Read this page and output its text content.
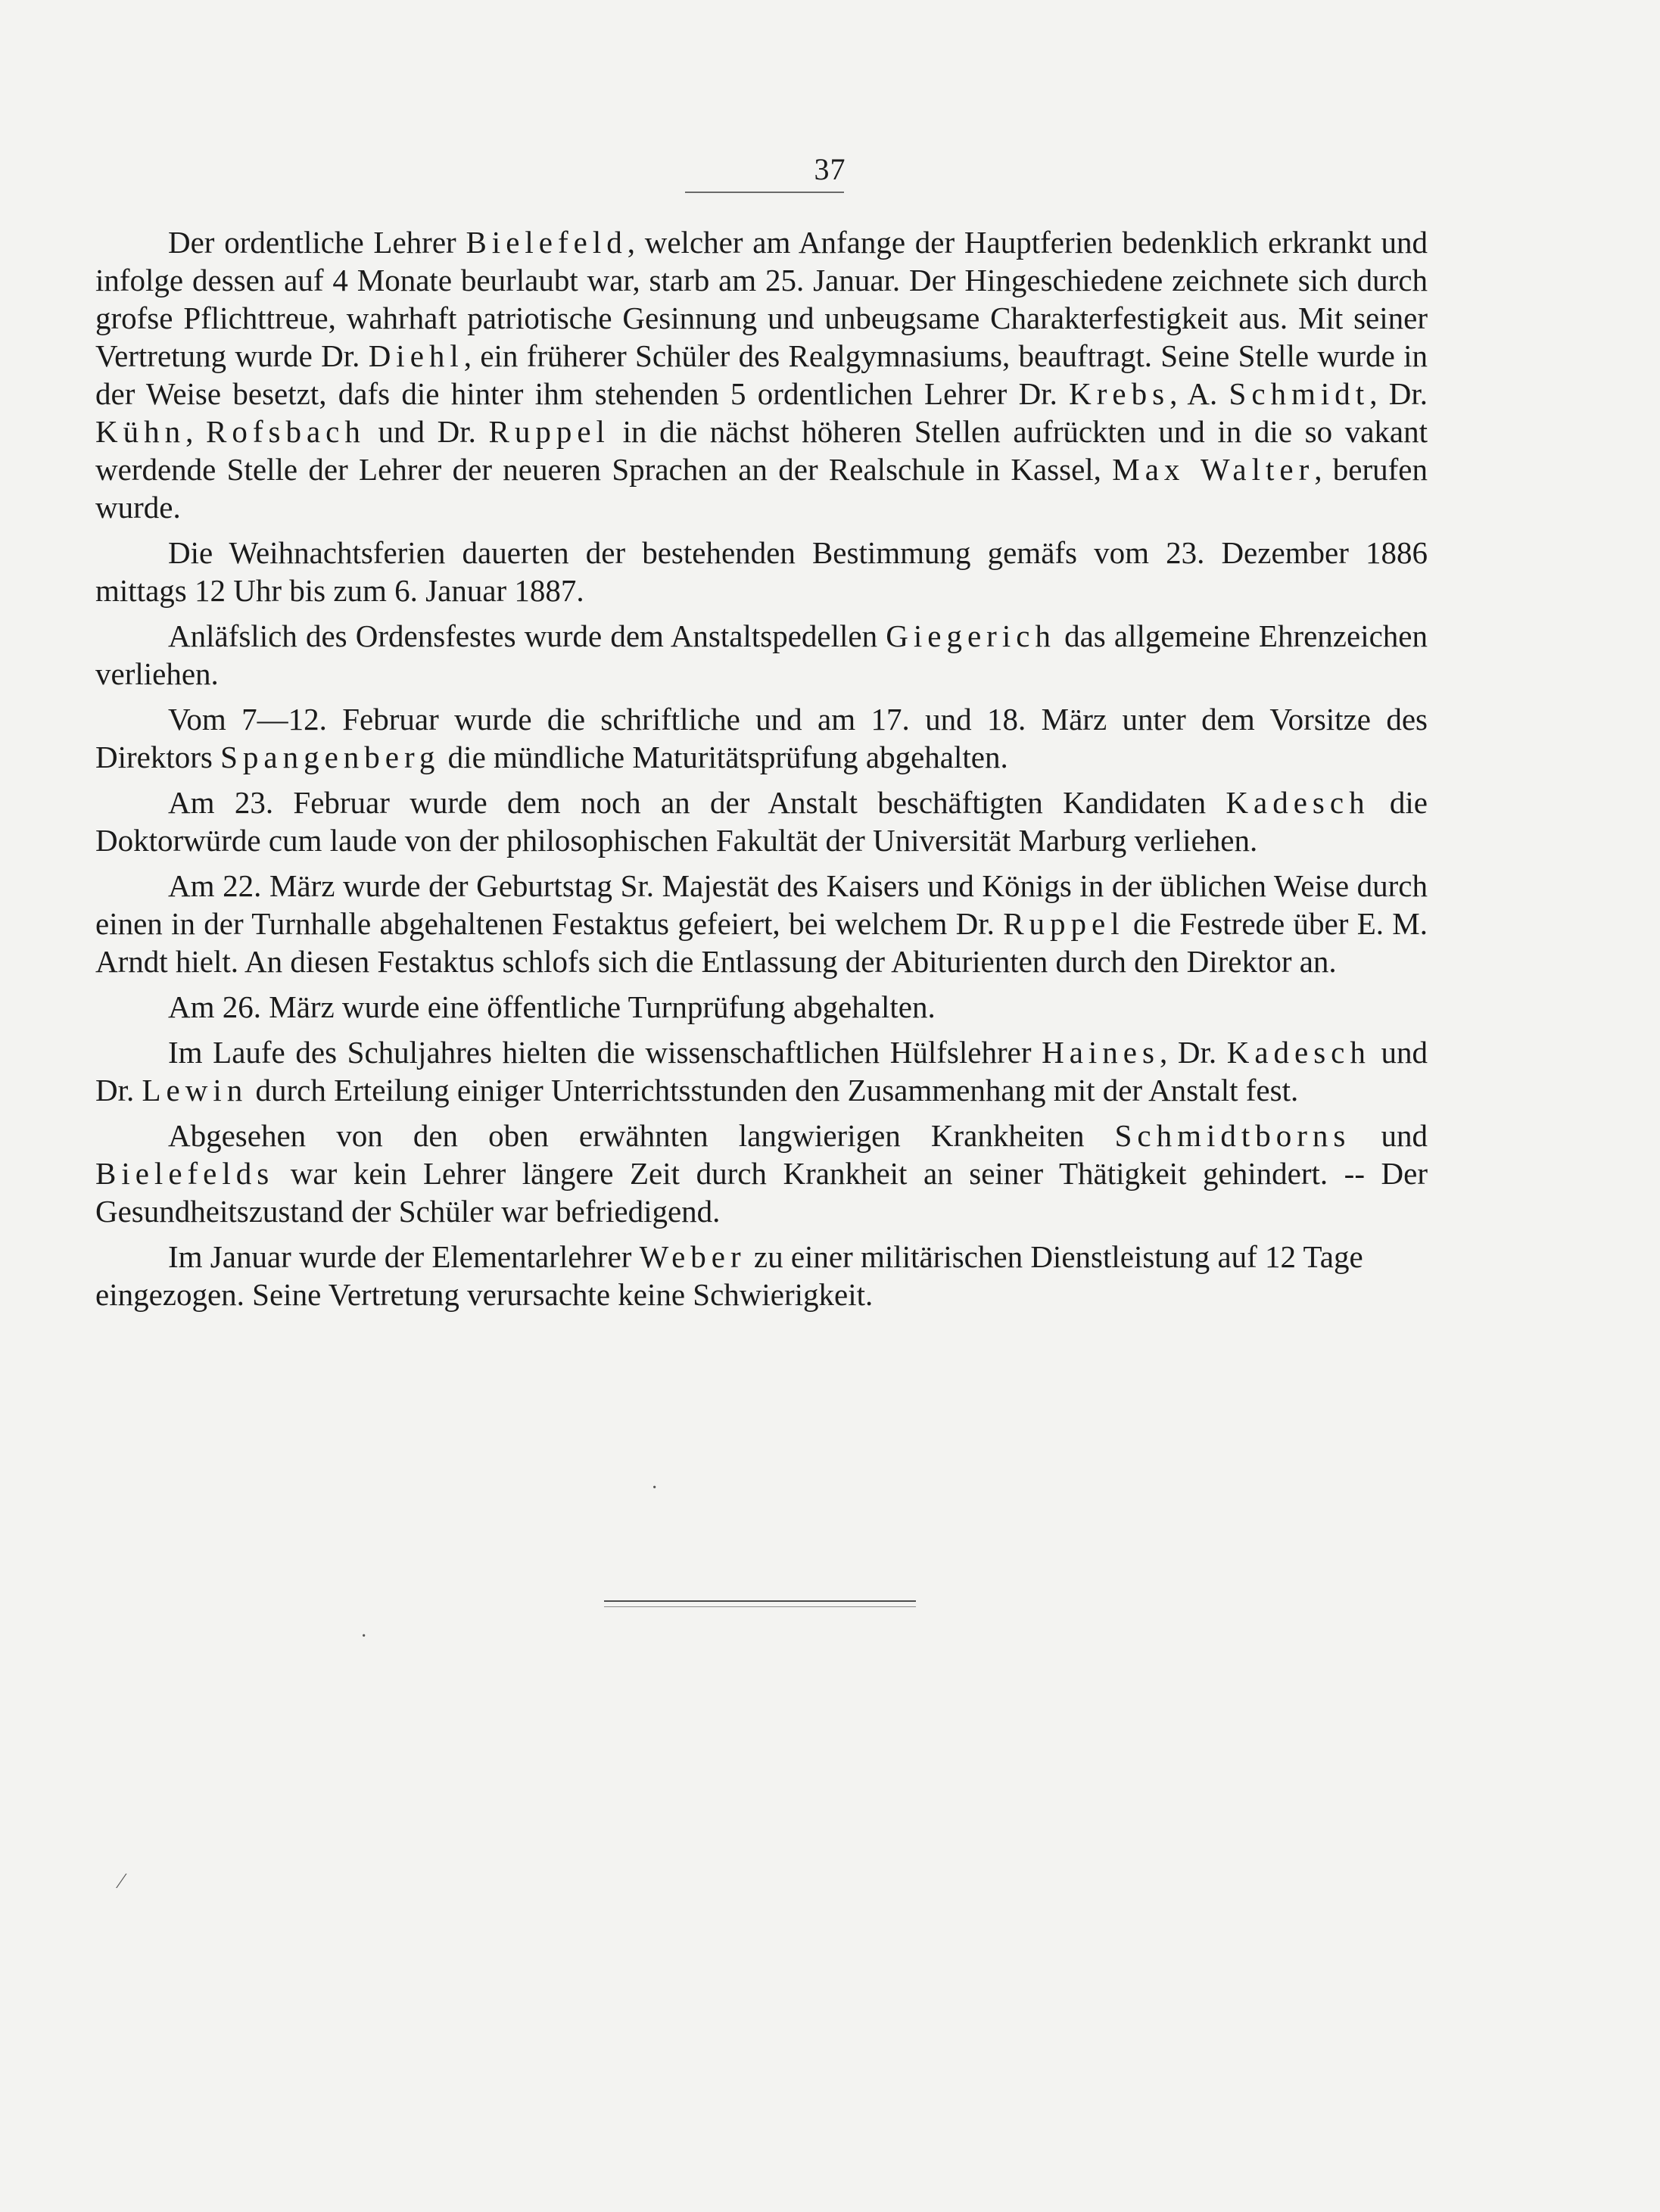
37

Der ordentliche Lehrer Bielefeld, welcher am Anfange der Hauptferien bedenklich erkrankt und infolge dessen auf 4 Monate beurlaubt war, starb am 25. Januar. Der Hingeschiedene zeichnete sich durch grofse Pflichttreue, wahrhaft patriotische Gesinnung und unbeugsame Charakterfestigkeit aus. Mit seiner Vertretung wurde Dr. Diehl, ein früherer Schüler des Realgymnasiums, beauftragt. Seine Stelle wurde in der Weise besetzt, dafs die hinter ihm stehenden 5 ordentlichen Lehrer Dr. Krebs, A. Schmidt, Dr. Kühn, Rofsbach und Dr. Ruppel in die nächst höheren Stellen aufrückten und in die so vakant werdende Stelle der Lehrer der neueren Sprachen an der Realschule in Kassel, Max Walter, berufen wurde.

Die Weihnachtsferien dauerten der bestehenden Bestimmung gemäfs vom 23. Dezember 1886 mittags 12 Uhr bis zum 6. Januar 1887.

Anläfslich des Ordensfestes wurde dem Anstaltspedellen Giegerich das allgemeine Ehrenzeichen verliehen.

Vom 7—12. Februar wurde die schriftliche und am 17. und 18. März unter dem Vorsitze des Direktors Spangenberg die mündliche Maturitätsprüfung abgehalten.

Am 23. Februar wurde dem noch an der Anstalt beschäftigten Kandidaten Kadesch die Doktorwürde cum laude von der philosophischen Fakultät der Universität Marburg verliehen.

Am 22. März wurde der Geburtstag Sr. Majestät des Kaisers und Königs in der üblichen Weise durch einen in der Turnhalle abgehaltenen Festaktus gefeiert, bei welchem Dr. Ruppel die Festrede über E. M. Arndt hielt. An diesen Festaktus schlofs sich die Entlassung der Abiturienten durch den Direktor an.

Am 26. März wurde eine öffentliche Turnprüfung abgehalten.

Im Laufe des Schuljahres hielten die wissenschaftlichen Hülfslehrer Haines, Dr. Kadesch und Dr. Lewin durch Erteilung einiger Unterrichtsstunden den Zusammenhang mit der Anstalt fest.

Abgesehen von den oben erwähnten langwierigen Krankheiten Schmidtborns und Bielefelds war kein Lehrer längere Zeit durch Krankheit an seiner Thätigkeit gehindert. -- Der Gesundheitszustand der Schüler war befriedigend.

Im Januar wurde der Elementarlehrer Weber zu einer militärischen Dienstleistung auf 12 Tage eingezogen. Seine Vertretung verursachte keine Schwierigkeit.

·
·
⁄
